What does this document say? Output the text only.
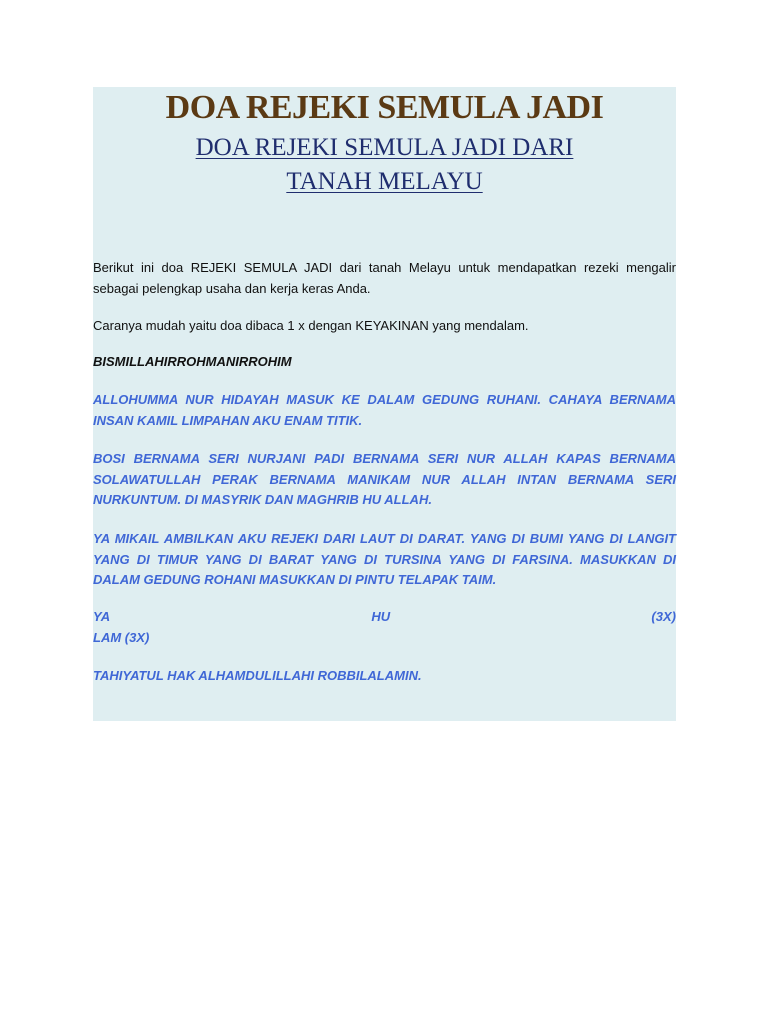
DOA REJEKI SEMULA JADI
DOA REJEKI SEMULA JADI DARI
TANAH MELAYU

Berikut ini doa REJEKI SEMULA JADI dari tanah Melayu untuk mendapatkan rezeki mengalir sebagai pelengkap usaha dan kerja keras Anda.

Caranya mudah yaitu doa dibaca 1 x dengan KEYAKINAN yang mendalam.

BISMILLAHIRROHMANIRROHIM

ALLOHUMMA NUR HIDAYAH MASUK KE DALAM GEDUNG RUHANI. CAHAYA BERNAMA INSAN KAMIL LIMPAHAN AKU ENAM TITIK.

BOSI BERNAMA SERI NURJANI PADI BERNAMA SERI NUR ALLAH KAPAS BERNAMA SOLAWATULLAH PERAK BERNAMA MANIKAM NUR ALLAH INTAN BERNAMA SERI NURKUNTUM. DI MASYRIK DAN MAGHRIB HU ALLAH.

YA MIKAIL AMBILKAN AKU REJEKI DARI LAUT DI DARAT. YANG DI BUMI YANG DI LANGIT YANG DI TIMUR YANG DI BARAT YANG DI TURSINA YANG DI FARSINA. MASUKKAN DI DALAM GEDUNG ROHANI MASUKKAN DI PINTU TELAPAK TAIM.

YA	HU	(3X)

LAM (3X)

TAHIYATUL HAK ALHAMDULILLAHI ROBBILALAMIN.
